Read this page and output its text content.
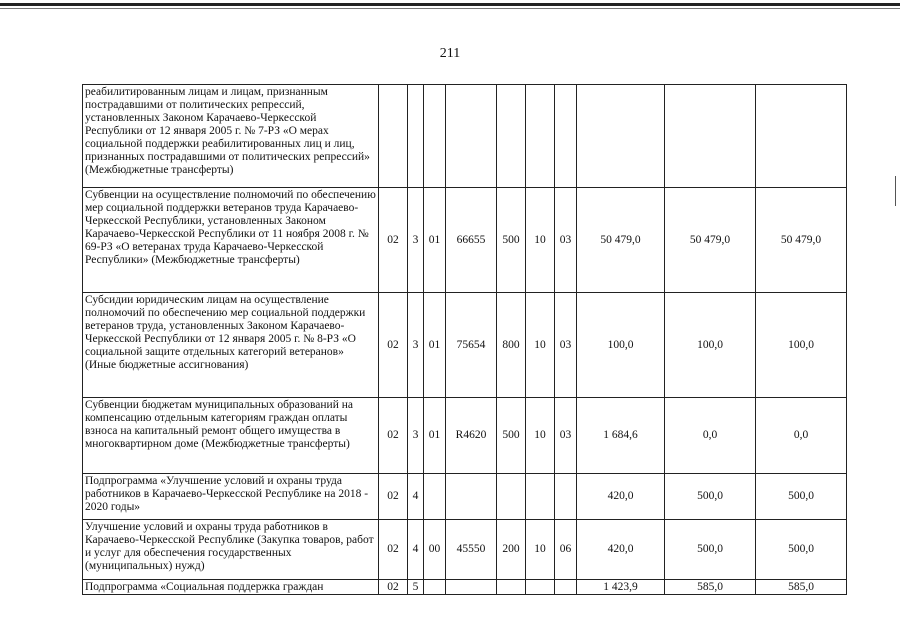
211
реабилитированным лицам и лицам, признанным пострадавшими от политических репрессий, установленных Законом Карачаево-Черкесской Республики от 12 января 2005 г. № 7-РЗ «О мерах социальной поддержки реабилитированных лиц и лиц, признанных пострадавшими от политических репрессий» (Межбюджетные трансферты)										
Субвенции на осуществление полномочий по обеспечению мер социальной поддержки ветеранов труда Карачаево-Черкесской Республики, установленных Законом Карачаево-Черкесской Республики от 11 ноября 2008 г. № 69-РЗ «О ветеранах труда Карачаево-Черкесской Республики» (Межбюджетные трансферты)	02	3	01	66655	500	10	03	50 479,0	50 479,0	50 479,0
Субсидии юридическим лицам на осуществление полномочий по обеспечению мер социальной поддержки ветеранов труда, установленных Законом Карачаево-Черкесской Республики от 12 января 2005 г. № 8-РЗ «О социальной защите отдельных категорий ветеранов» (Иные бюджетные ассигнования)	02	3	01	75654	800	10	03	100,0	100,0	100,0
Субвенции бюджетам муниципальных образований на компенсацию отдельным категориям граждан оплаты взноса на капитальный ремонт общего имущества в многоквартирном доме (Межбюджетные трансферты)	02	3	01	R4620	500	10	03	1 684,6	0,0	0,0
Подпрограмма «Улучшение условий и охраны труда работников в Карачаево-Черкесской Республике на 2018 - 2020 годы»	02	4						420,0	500,0	500,0
Улучшение условий и охраны труда работников в Карачаево-Черкесской Республике (Закупка товаров, работ и услуг для обеспечения государственных (муниципальных) нужд)	02	4	00	45550	200	10	06	420,0	500,0	500,0
Подпрограмма «Социальная поддержка граждан	02	5						1 423,9	585,0	585,0
